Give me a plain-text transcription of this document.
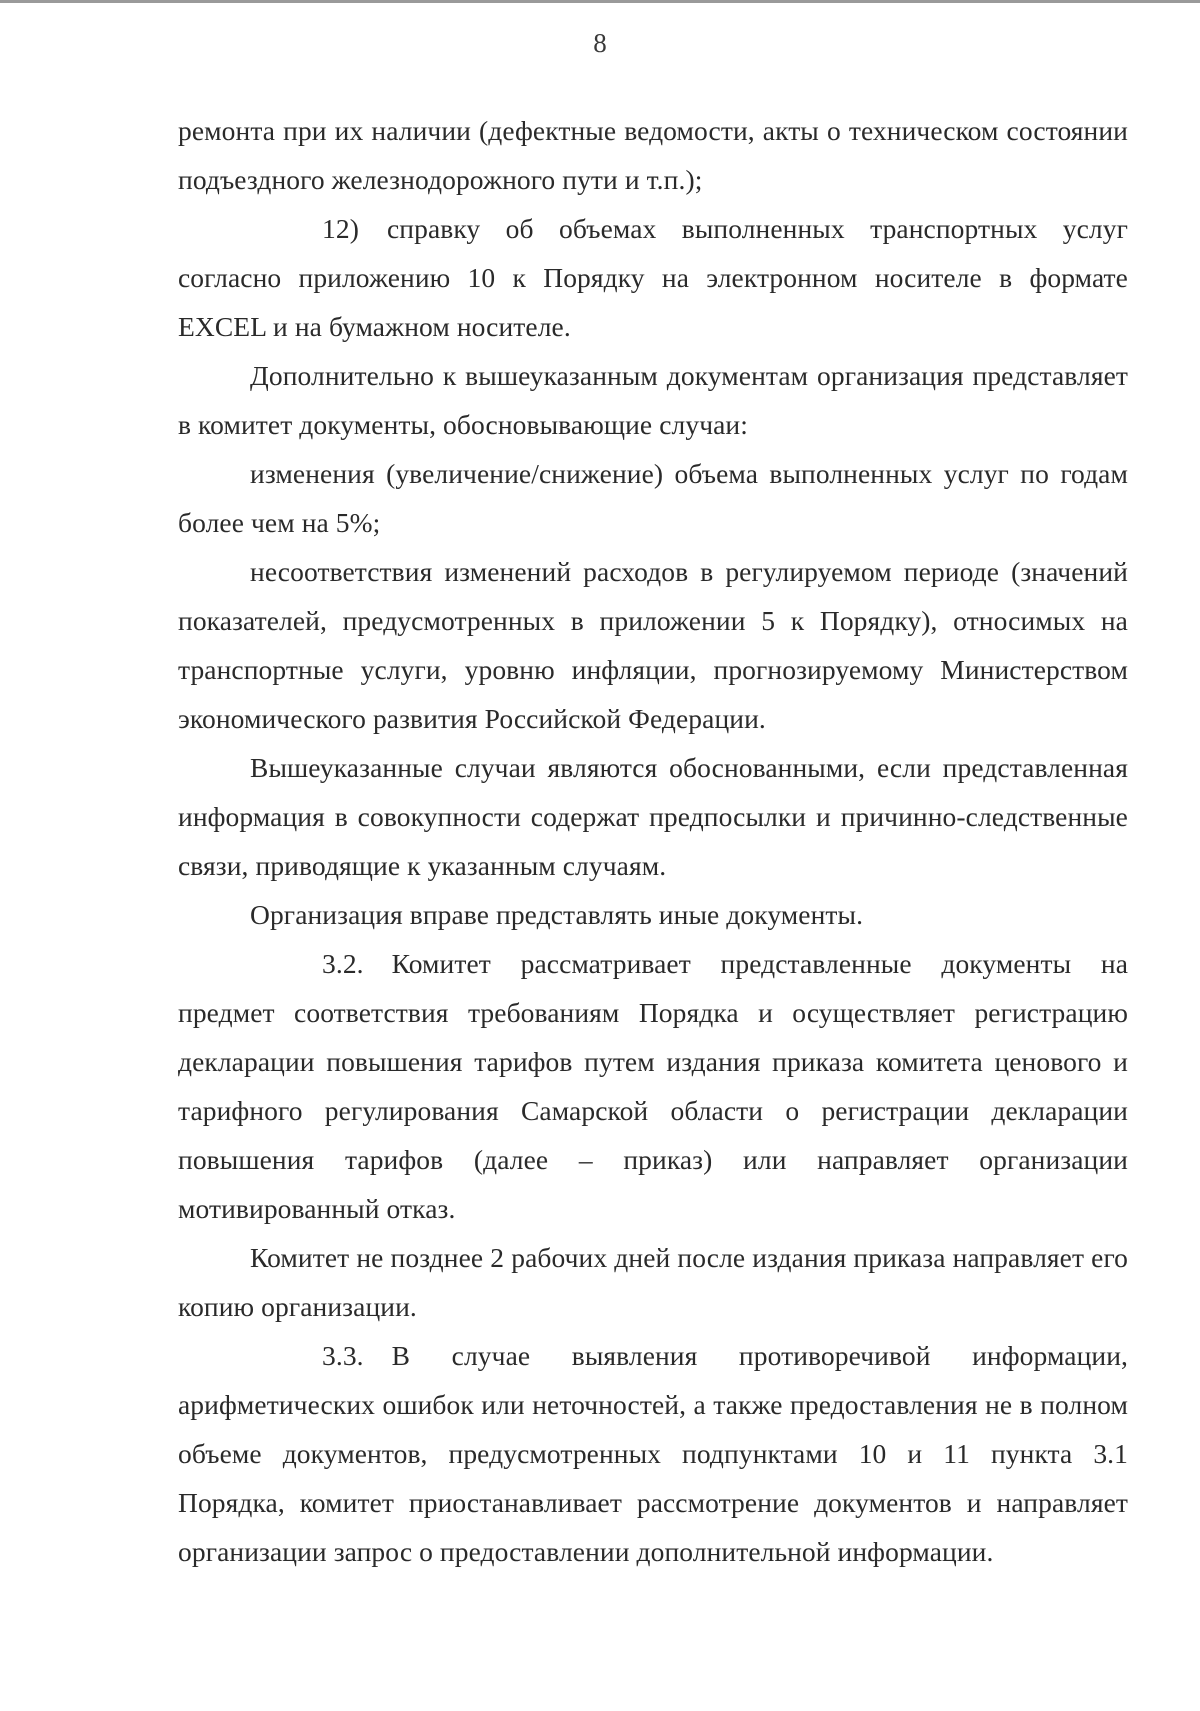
8

ремонта при их наличии (дефектные ведомости, акты о техническом состоянии подъездного железнодорожного пути и т.п.);

12) справку об объемах выполненных транспортных услуг согласно приложению 10 к Порядку на электронном носителе в формате EXCEL и на бумажном носителе.

Дополнительно к вышеуказанным документам организация представляет в комитет документы, обосновывающие случаи:

изменения (увеличение/снижение) объема выполненных услуг по годам более чем на 5%;

несоответствия изменений расходов в регулируемом периоде (значений показателей, предусмотренных в приложении 5 к Порядку), относимых на транспортные услуги, уровню инфляции, прогнозируемому Министерством экономического развития Российской Федерации.

Вышеуказанные случаи являются обоснованными, если представленная информация в совокупности содержат предпосылки и причинно-следственные связи, приводящие к указанным случаям.

Организация вправе представлять иные документы.

3.2. Комитет рассматривает представленные документы на предмет соответствия требованиям Порядка и осуществляет регистрацию декларации повышения тарифов путем издания приказа комитета ценового и тарифного регулирования Самарской области о регистрации декларации повышения тарифов (далее – приказ) или направляет организации мотивированный отказ.

Комитет не позднее 2 рабочих дней после издания приказа направляет его копию организации.

3.3. В случае выявления противоречивой информации, арифметических ошибок или неточностей, а также предоставления не в полном объеме документов, предусмотренных подпунктами 10 и 11 пункта 3.1 Порядка, комитет приостанавливает рассмотрение документов и направляет организации запрос о предоставлении дополнительной информации.
